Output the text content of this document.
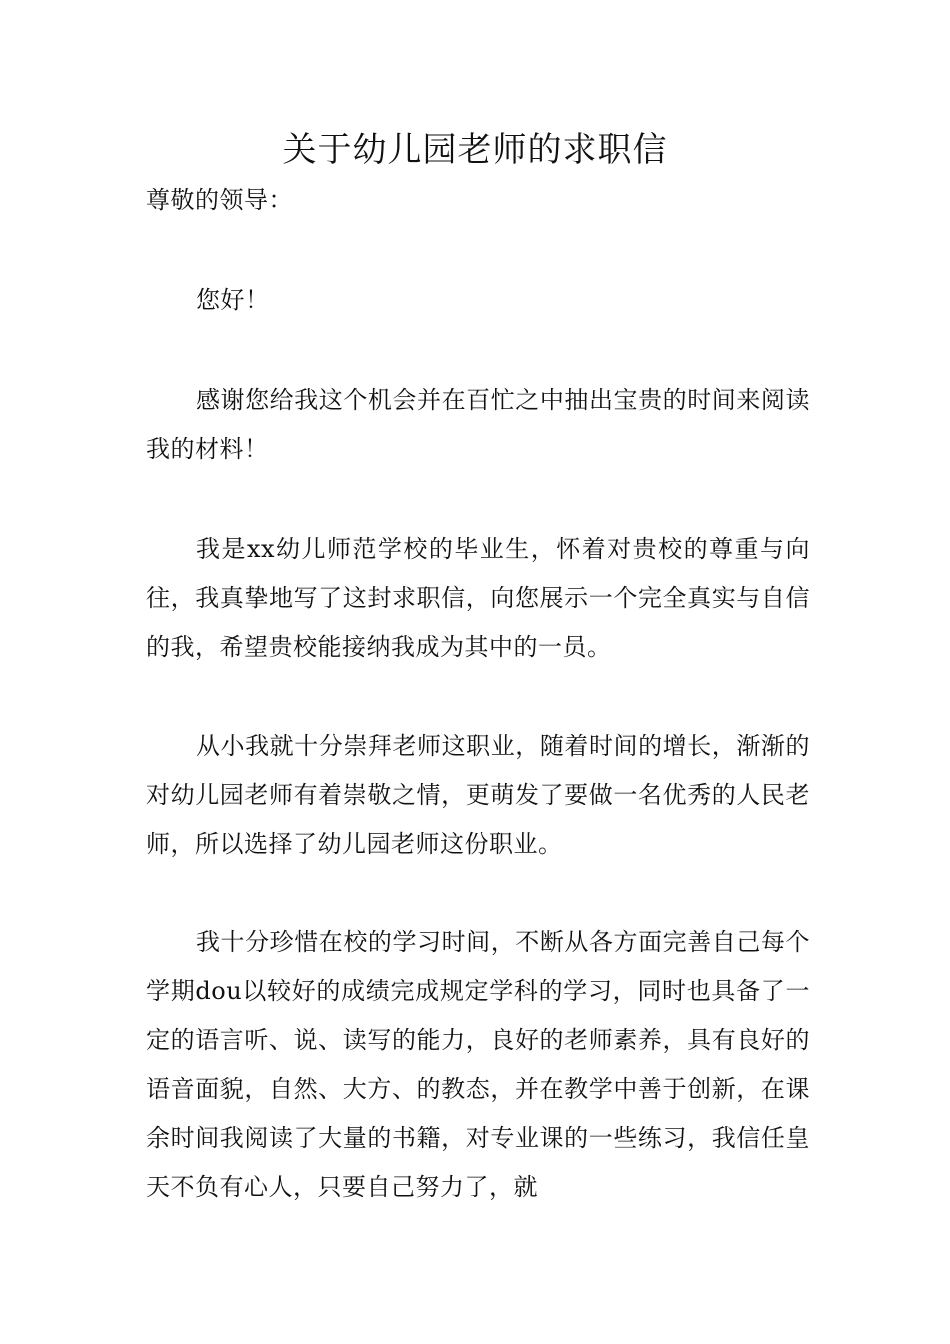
关于幼儿园老师的求职信

尊敬的领导：

您好！

感谢您给我这个机会并在百忙之中抽出宝贵的时间来阅读我的材料！

我是xx幼儿师范学校的毕业生，怀着对贵校的尊重与向往，我真挚地写了这封求职信，向您展示一个完全真实与自信的我，希望贵校能接纳我成为其中的一员。

从小我就十分崇拜老师这职业，随着时间的增长，渐渐的对幼儿园老师有着崇敬之情，更萌发了要做一名优秀的人民老师，所以选择了幼儿园老师这份职业。

我十分珍惜在校的学习时间，不断从各方面完善自己每个学期dou以较好的成绩完成规定学科的学习，同时也具备了一定的语言听、说、读写的能力，良好的老师素养，具有良好的语音面貌，自然、大方、的教态，并在教学中善于创新，在课余时间我阅读了大量的书籍，对专业课的一些练习，我信任皇天不负有心人，只要自己努力了，就
